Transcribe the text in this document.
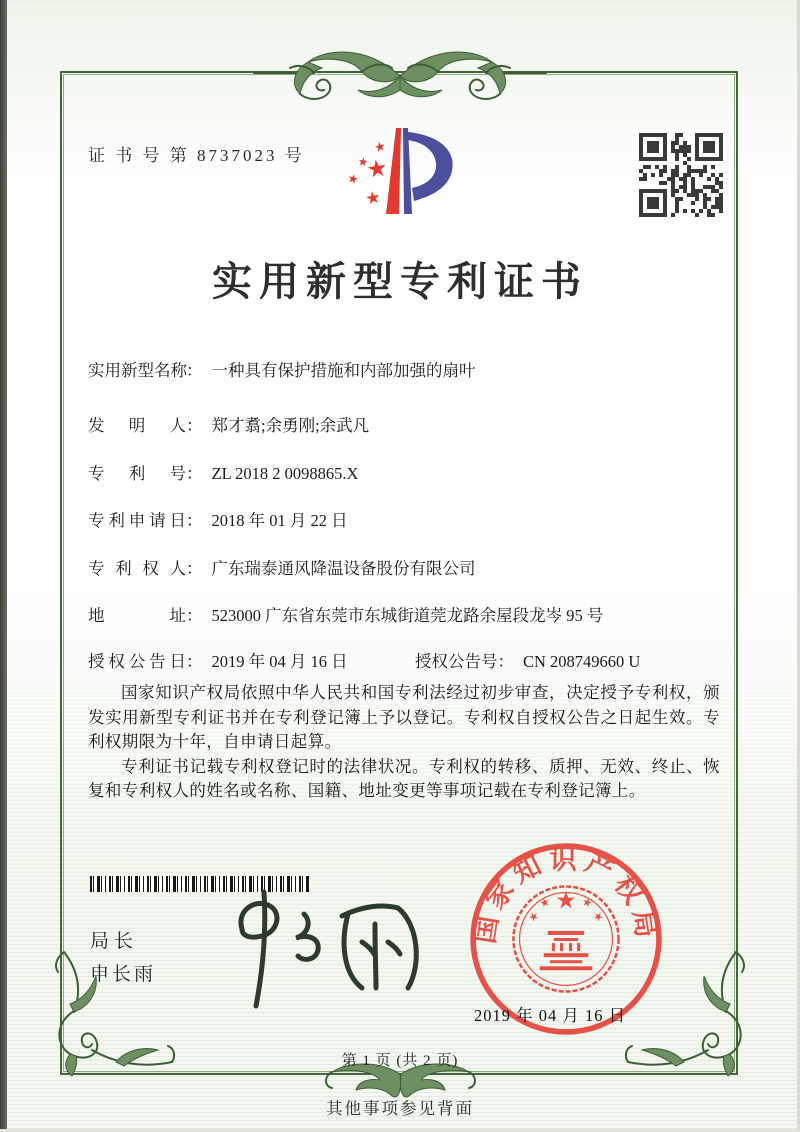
证 书 号 第 8737023 号
实用新型专利证书
实用新型名称： 一种具有保护措施和内部加强的扇叶
发明人： 郑才翥;余勇刚;余武凡
专利号： ZL 2018 2 0098865.X
专利申请日： 2018 年 01 月 22 日
专利权人： 广东瑞泰通风降温设备股份有限公司
地址： 523000 广东省东莞市东城街道莞龙路余屋段龙岑 95 号
授权公告日： 2019 年 04 月 16 日	授权公告号： CN 208749660 U

国家知识产权局依照中华人民共和国专利法经过初步审查，决定授予专利权，颁发实用新型专利证书并在专利登记簿上予以登记。专利权自授权公告之日起生效。专利权期限为十年，自申请日起算。

专利证书记载专利权登记时的法律状况。专利权的转移、质押、无效、终止、恢复和专利权人的姓名或名称、国籍、地址变更等事项记载在专利登记簿上。

局长
申长雨
国家知识产权局
2019 年 04 月 16 日
第 1 页 (共 2 页)
其他事项参见背面
